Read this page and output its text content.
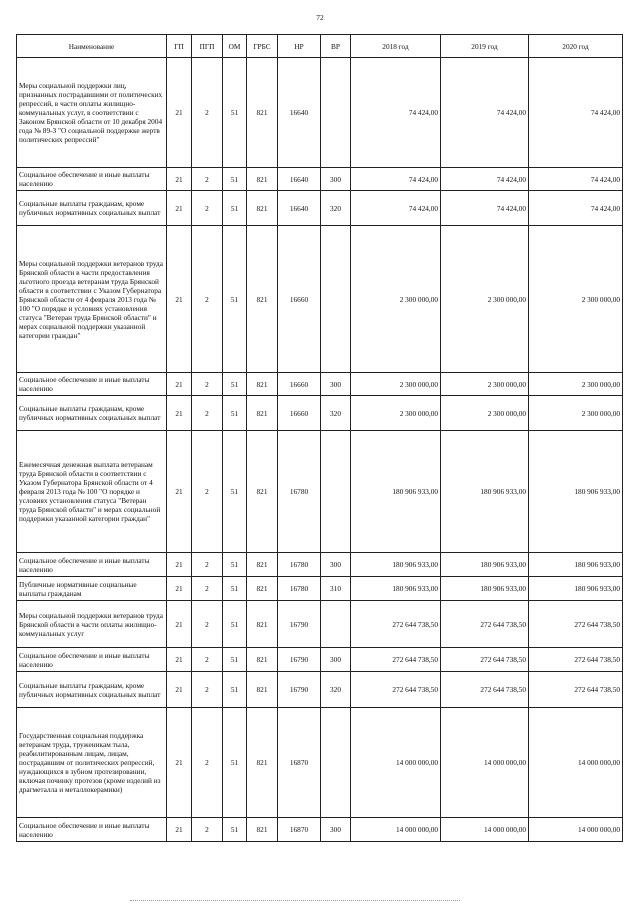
72
Наименование	ГП	ПГП	ОМ	ГРБС	НР	ВР	2018 год	2019 год	2020 год
Меры социальной поддержки лиц, признанных пострадавшими от политических репрессий, в части оплаты жилищно-коммунальных услуг, в соответствии с Законом Брянской области от 10 декабря 2004 года № 89-З "О социальной поддержке жертв политических репрессий"	21	2	51	821	16640		74 424,00	74 424,00	74 424,00
Социальное обеспечение и иные выплаты населению	21	2	51	821	16640	300	74 424,00	74 424,00	74 424,00
Социальные выплаты гражданам, кроме публичных нормативных социальных выплат	21	2	51	821	16640	320	74 424,00	74 424,00	74 424,00
Меры социальной поддержки ветеранов труда Брянской области в части предоставления льготного проезда ветеранам труда Брянской области в соответствии с Указом Губернатора Брянской области от 4 февраля 2013 года № 100 "О порядке и условиях установления статуса "Ветеран труда Брянской области" и мерах социальной поддержки указанной категории граждан"	21	2	51	821	16660		2 300 000,00	2 300 000,00	2 300 000,00
Социальное обеспечение и иные выплаты населению	21	2	51	821	16660	300	2 300 000,00	2 300 000,00	2 300 000,00
Социальные выплаты гражданам, кроме публичных нормативных социальных выплат	21	2	51	821	16660	320	2 300 000,00	2 300 000,00	2 300 000,00
Ежемесячная денежная выплата ветеранам труда Брянской области в соответствии с Указом Губернатора Брянской области от 4 февраля 2013 года № 100 "О порядке и условиях установления статуса "Ветеран труда Брянской области" и мерах социальной поддержки указанной категории граждан"	21	2	51	821	16780		180 906 933,00	180 906 933,00	180 906 933,00
Социальное обеспечение и иные выплаты населению	21	2	51	821	16780	300	180 906 933,00	180 906 933,00	180 906 933,00
Публичные нормативные социальные выплаты гражданам	21	2	51	821	16780	310	180 906 933,00	180 906 933,00	180 906 933,00
Меры социальной поддержки ветеранов труда Брянской области в части оплаты жилищно-коммунальных услуг	21	2	51	821	16790		272 644 738,50	272 644 738,50	272 644 738,50
Социальное обеспечение и иные выплаты населению	21	2	51	821	16790	300	272 644 738,50	272 644 738,50	272 644 738,50
Социальные выплаты гражданам, кроме публичных нормативных социальных выплат	21	2	51	821	16790	320	272 644 738,50	272 644 738,50	272 644 738,50
Государственная социальная поддержка ветеранам труда, труженикам тыла, реабилитированным лицам, лицам, пострадавшим от политических репрессий, нуждающихся в зубном протезировании, включая починку протезов (кроме изделий из драгметалла и металлокерамики)	21	2	51	821	16870		14 000 000,00	14 000 000,00	14 000 000,00
Социальное обеспечение и иные выплаты населению	21	2	51	821	16870	300	14 000 000,00	14 000 000,00	14 000 000,00
